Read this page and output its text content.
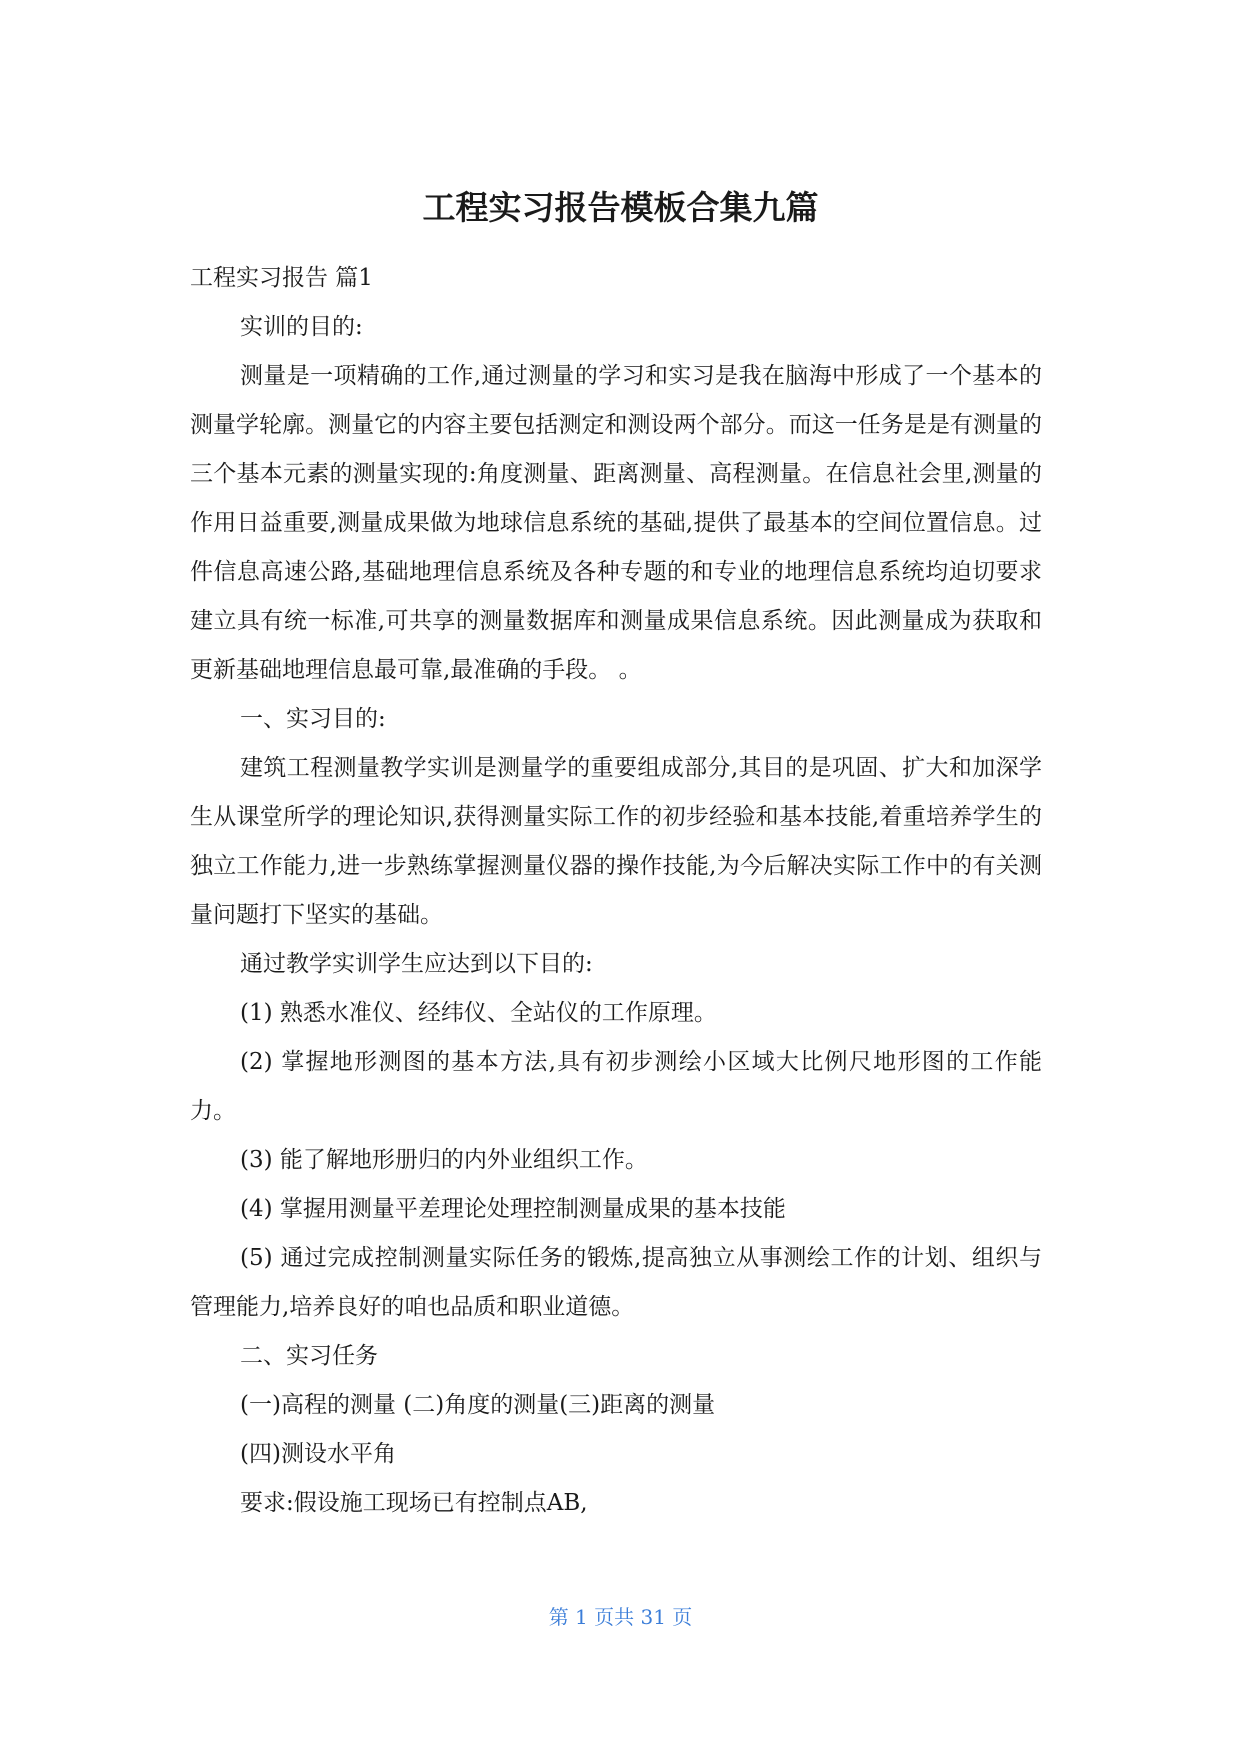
工程实习报告模板合集九篇

工程实习报告 篇1

实训的目的:

测量是一项精确的工作,通过测量的学习和实习是我在脑海中形成了一个基本的测量学轮廓。测量它的内容主要包括测定和测设两个部分。而这一任务是是有测量的三个基本元素的测量实现的:角度测量、距离测量、高程测量。在信息社会里,测量的作用日益重要,测量成果做为地球信息系统的基础,提供了最基本的空间位置信息。过件信息高速公路,基础地理信息系统及各种专题的和专业的地理信息系统均迫切要求建立具有统一标准,可共享的测量数据库和测量成果信息系统。因此测量成为获取和更新基础地理信息最可靠,最准确的手段。 。

一、实习目的:

建筑工程测量教学实训是测量学的重要组成部分,其目的是巩固、扩大和加深学生从课堂所学的理论知识,获得测量实际工作的初步经验和基本技能,着重培养学生的独立工作能力,进一步熟练掌握测量仪器的操作技能,为今后解决实际工作中的有关测量问题打下坚实的基础。

通过教学实训学生应达到以下目的:

(1) 熟悉水准仪、经纬仪、全站仪的工作原理。

(2) 掌握地形测图的基本方法,具有初步测绘小区域大比例尺地形图的工作能力。

(3) 能了解地形册归的内外业组织工作。

(4) 掌握用测量平差理论处理控制测量成果的基本技能

(5) 通过完成控制测量实际任务的锻炼,提高独立从事测绘工作的计划、组织与管理能力,培养良好的咱也品质和职业道德。

二、实习任务

(一)高程的测量 (二)角度的测量(三)距离的测量

(四)测设水平角

要求:假设施工现场已有控制点AB,

第 1 页共 31 页
